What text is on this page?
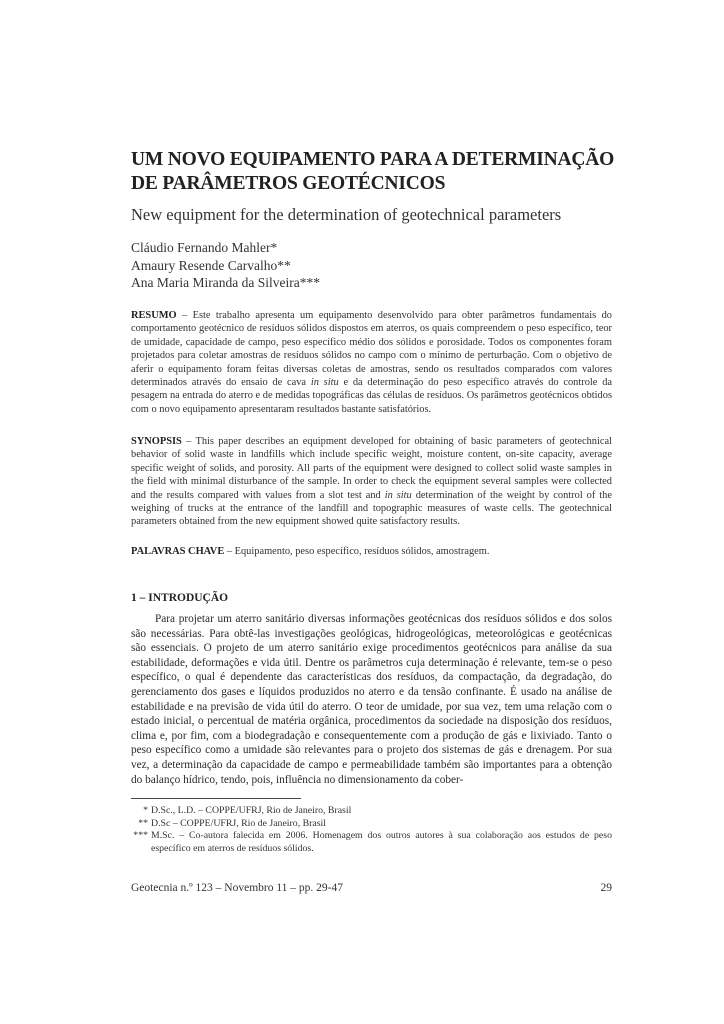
UM NOVO EQUIPAMENTO PARA A DETERMINAÇÃO
DE PARÂMETROS GEOTÉCNICOS
New equipment for the determination of geotechnical parameters
Cláudio Fernando Mahler*
Amaury Resende Carvalho**
Ana Maria Miranda da Silveira***

RESUMO – Este trabalho apresenta um equipamento desenvolvido para obter parâmetros fundamentais do comportamento geotécnico de resíduos sólidos dispostos em aterros, os quais compreendem o peso específico, teor de umidade, capacidade de campo, peso específico médio dos sólidos e porosidade. Todos os componentes foram projetados para coletar amostras de resíduos sólidos no campo com o mínimo de perturbação. Com o objetivo de aferir o equipamento foram feitas diversas coletas de amostras, sendo os resultados comparados com valores determinados através do ensaio de cava in situ e da determinação do peso específico através do controle da pesagem na entrada do aterro e de medidas topográficas das células de resíduos. Os parâmetros geotécnicos obtidos com o novo equipamento apresentaram resultados bastante satisfatórios.

SYNOPSIS – This paper describes an equipment developed for obtaining of basic parameters of geotechnical behavior of solid waste in landfills which include specific weight, moisture content, on-site capacity, average specific weight of solids, and porosity. All parts of the equipment were designed to collect solid waste samples in the field with minimal disturbance of the sample. In order to check the equipment several samples were collected and the results compared with values from a slot test and in situ determination of the weight by control of the weighing of trucks at the entrance of the landfill and topographic measures of waste cells. The geotechnical parameters obtained from the new equipment showed quite satisfactory results.

PALAVRAS CHAVE – Equipamento, peso específico, resíduos sólidos, amostragem.

1 – INTRODUÇÃO

Para projetar um aterro sanitário diversas informações geotécnicas dos resíduos sólidos e dos solos são necessárias. Para obtê-las investigações geológicas, hidrogeológicas, meteorológicas e geotécnicas são essenciais. O projeto de um aterro sanitário exige procedimentos geotécnicos para análise da sua estabilidade, deformações e vida útil. Dentre os parâmetros cuja determinação é relevante, tem-se o peso específico, o qual é dependente das características dos resíduos, da compactação, da degradação, do gerenciamento dos gases e líquidos produzidos no aterro e da tensão confinante. É usado na análise de estabilidade e na previsão de vida útil do aterro. O teor de umidade, por sua vez, tem uma relação com o estado inicial, o percentual de matéria orgânica, procedimentos da sociedade na disposição dos resíduos, clima e, por fim, com a biodegradação e consequentemente com a produção de gás e lixiviado. Tanto o peso específico como a umidade são relevantes para o projeto dos sistemas de gás e drenagem. Por sua vez, a determinação da capacidade de campo e permeabilidade também são importantes para a obtenção do balanço hídrico, tendo, pois, influência no dimensionamento da cober-

* D.Sc., L.D. – COPPE/UFRJ, Rio de Janeiro, Brasil
** D.Sc – COPPE/UFRJ, Rio de Janeiro, Brasil
*** M.Sc. – Co-autora falecida em 2006. Homenagem dos outros autores à sua colaboração aos estudos de peso específico em aterros de resíduos sólidos.
Geotecnia n.º 123 – Novembro 11 – pp. 29-47	29
